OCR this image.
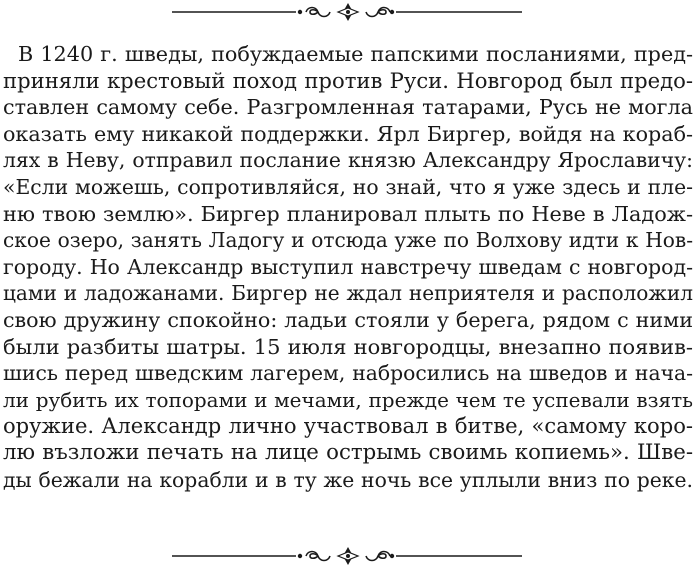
В 1240 г. шведы, побуждаемые папскими посланиями, пред-
приняли крестовый поход против Руси. Новгород был предо-
ставлен самому себе. Разгромленная татарами, Русь не могла
оказать ему никакой поддержки. Ярл Биргер, войдя на кораб-
лях в Неву, отправил послание князю Александру Ярославичу:
«Если можешь, сопротивляйся, но знай, что я уже здесь и пле-
ню твою землю». Биргер планировал плыть по Неве в Ладож-
ское озеро, занять Ладогу и отсюда уже по Волхову идти к Нов-
городу. Но Александр выступил навстречу шведам с новгород-
цами и ладожанами. Биргер не ждал неприятеля и расположил
свою дружину спокойно: ладьи стояли у берега, рядом с ними
были разбиты шатры. 15 июля новгородцы, внезапно появив-
шись перед шведским лагерем, набросились на шведов и нача-
ли рубить их топорами и мечами, прежде чем те успевали взять
оружие. Александр лично участвовал в битве, «самому коро-
лю възложи печать на лице острымь своимь копиемь». Шве-
ды бежали на корабли и в ту же ночь все уплыли вниз по реке.
